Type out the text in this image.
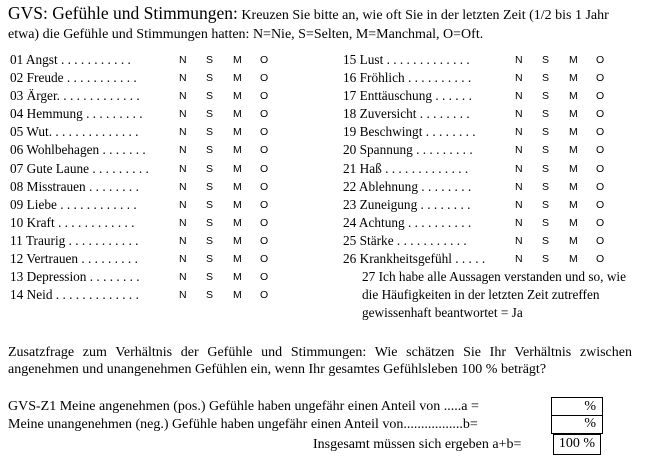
GVS: Gefühle und Stimmungen: Kreuzen Sie bitte an, wie oft Sie in der letzten Zeit (1/2 bis 1 Jahr etwa) die Gefühle und Stimmungen hatten: N=Nie, S=Selten, M=Manchmal, O=Oft.
01 Angst . . . . . . . . . . .	N S M O
02 Freude . . . . . . . . . . .	N S M O
03 Ärger. . . . . . . . . . . . .	N S M O
04 Hemmung . . . . . . . . .	N S M O
05 Wut. . . . . . . . . . . . . .	N S M O
06 Wohlbehagen . . . . . . .	N S M O
07 Gute Laune . . . . . . . . .	N S M O
08 Misstrauen . . . . . . . .	N S M O
09 Liebe . . . . . . . . . . . .	N S M O
10 Kraft . . . . . . . . . . . .	N S M O
11 Traurig . . . . . . . . . . .	N S M O
12 Vertrauen . . . . . . . . .	N S M O
13 Depression . . . . . . . .	N S M O
14 Neid . . . . . . . . . . . . .	N S M O
15 Lust . . . . . . . . . . . . .	N S M O
16 Fröhlich . . . . . . . . . .	N S M O
17 Enttäuschung . . . . . .	N S M O
18 Zuversicht . . . . . . . .	N S M O
19 Beschwingt . . . . . . . .	N S M O
20 Spannung . . . . . . . . .	N S M O
21 Haß . . . . . . . . . . . . .	N S M O
22 Ablehnung . . . . . . . .	N S M O
23 Zuneigung . . . . . . . .	N S M O
24 Achtung . . . . . . . . . .	N S M O
25 Stärke . . . . . . . . . . .	N S M O
26 Krankheitsgefühl . . . . .	N S M O
27 Ich habe alle Aussagen verstanden und so, wie die Häufigkeiten in der letzten Zeit zutreffen gewissenhaft beantwortet = Ja
Zusatzfrage zum Verhältnis der Gefühle und Stimmungen: Wie schätzen Sie Ihr Verhältnis zwischen angenehmen und unangenehmen Gefühlen ein, wenn Ihr gesamtes Gefühlsleben 100 % beträgt?
GVS-Z1 Meine angenehmen (pos.) Gefühle haben ungefähr einen Anteil von .....a =	%
Meine unangenehmen (neg.) Gefühle haben ungefähr einen Anteil von.................b=	%
Insgesamt müssen sich ergeben a+b=	100 %
